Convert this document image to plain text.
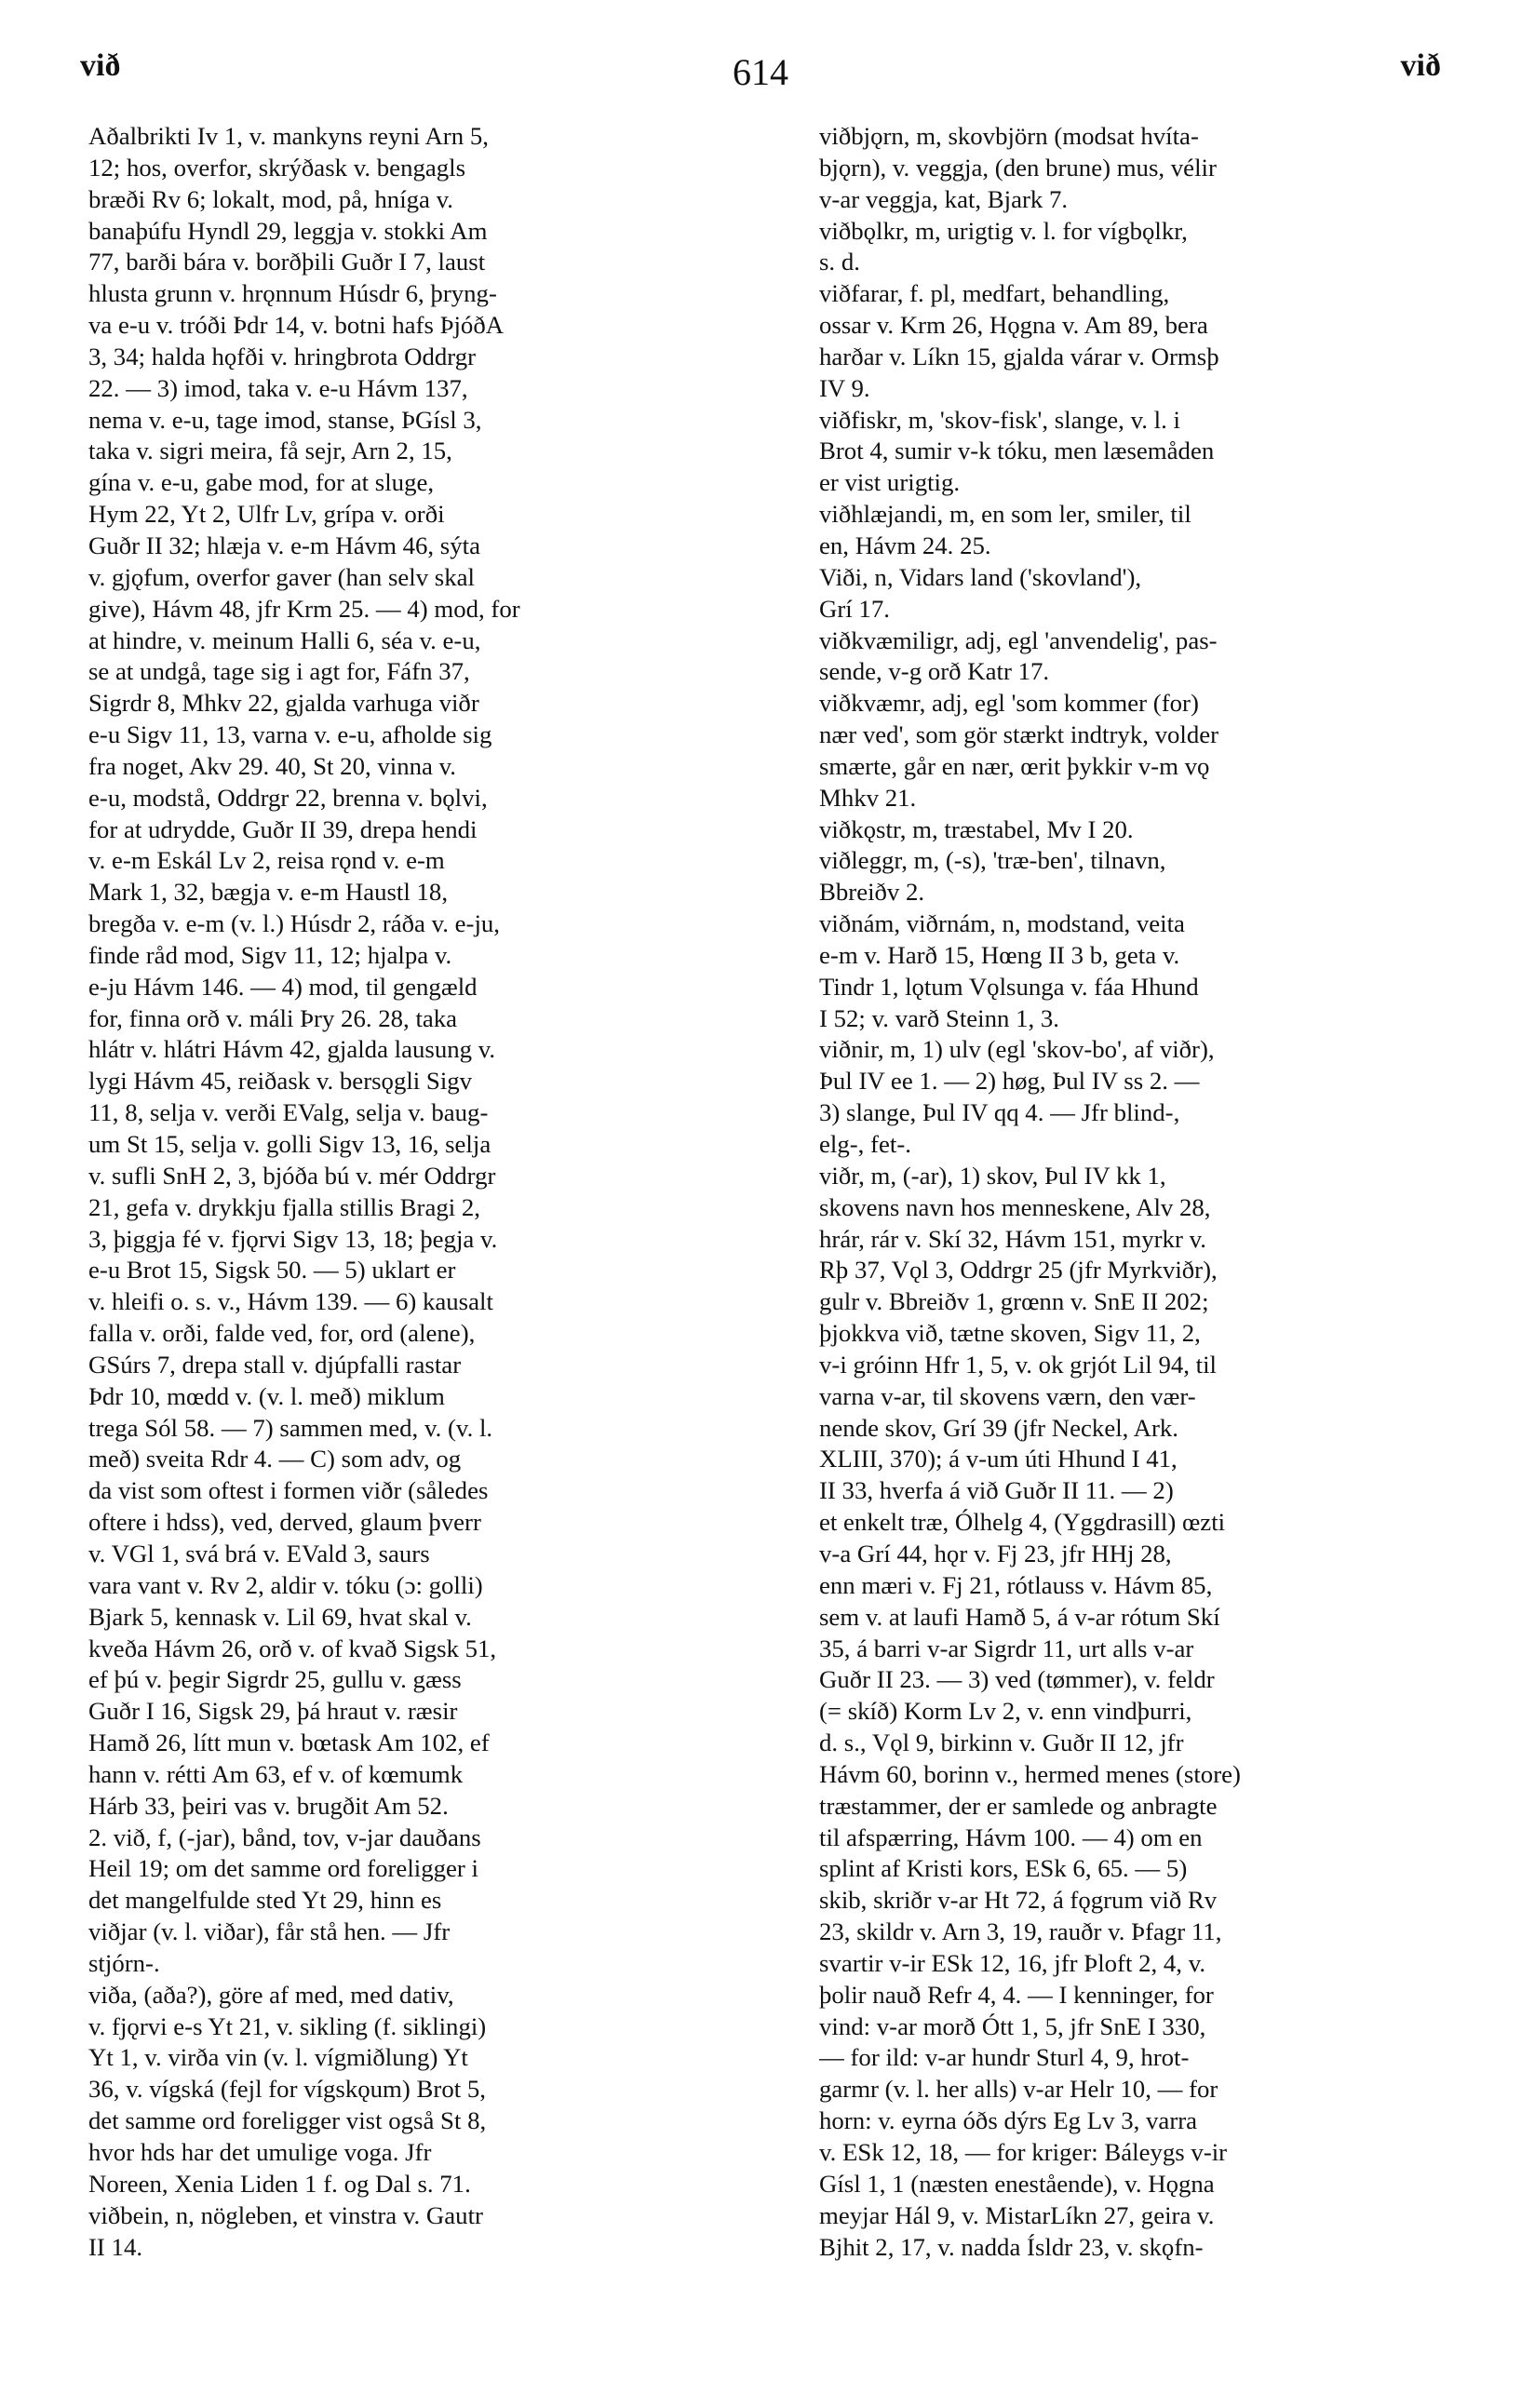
við	614	við
Aðalbrikti Iv 1, v. mankyns reyni Arn 5,
12; hos, overfor, skrýðask v. bengagls
bræði Rv 6; lokalt, mod, på, hníga v.
banaþúfu Hyndl 29, leggja v. stokki Am
77, barði bára v. borðþili Guðr I 7, laust
hlusta grunn v. hrǫnnum Húsdr 6, þryng-
va e-u v. tróði Þdr 14, v. botni hafs ÞjóðA
3, 34; halda hǫfði v. hringbrota Oddrgr
22. — 3) imod, taka v. e-u Hávm 137,
nema v. e-u, tage imod, stanse, ÞGísl 3,
taka v. sigri meira, få sejr, Arn 2, 15,
gína v. e-u, gabe mod, for at sluge,
Hym 22, Yt 2, Ulfr Lv, grípa v. orði
Guðr II 32; hlæja v. e-m Hávm 46, sýta
v. gjǫfum, overfor gaver (han selv skal
give), Hávm 48, jfr Krm 25. — 4) mod, for
at hindre, v. meinum Halli 6, séa v. e-u,
se at undgå, tage sig i agt for, Fáfn 37,
Sigrdr 8, Mhkv 22, gjalda varhuga viðr
e-u Sigv 11, 13, varna v. e-u, afholde sig
fra noget, Akv 29. 40, St 20, vinna v.
e-u, modstå, Oddrgr 22, brenna v. bǫlvi,
for at udrydde, Guðr II 39, drepa hendi
v. e-m Eskál Lv 2, reisa rǫnd v. e-m
Mark 1, 32, bægja v. e-m Haustl 18,
bregða v. e-m (v. l.) Húsdr 2, ráða v. e-ju,
finde råd mod, Sigv 11, 12; hjalpa v.
e-ju Hávm 146. — 4) mod, til gengæld
for, finna orð v. máli Þry 26. 28, taka
hlátr v. hlátri Hávm 42, gjalda lausung v.
lygi Hávm 45, reiðask v. bersǫgli Sigv
11, 8, selja v. verði EValg, selja v. baug-
um St 15, selja v. golli Sigv 13, 16, selja
v. sufli SnH 2, 3, bjóða bú v. mér Oddrgr
21, gefa v. drykkju fjalla stillis Bragi 2,
3, þiggja fé v. fjǫrvi Sigv 13, 18; þegja v.
e-u Brot 15, Sigsk 50. — 5) uklart er
v. hleifi o. s. v., Hávm 139. — 6) kausalt
falla v. orði, falde ved, for, ord (alene),
GSúrs 7, drepa stall v. djúpfalli rastar
Þdr 10, mœdd v. (v. l. með) miklum
trega Sól 58. — 7) sammen med, v. (v. l.
með) sveita Rdr 4. — C) som adv, og
da vist som oftest i formen viðr (således
oftere i hdss), ved, derved, glaum þverr
v. VGl 1, svá brá v. EVald 3, saurs
vara vant v. Rv 2, aldir v. tóku (ɔ: golli)
Bjark 5, kennask v. Lil 69, hvat skal v.
kveða Hávm 26, orð v. of kvað Sigsk 51,
ef þú v. þegir Sigrdr 25, gullu v. gæss
Guðr I 16, Sigsk 29, þá hraut v. ræsir
Hamð 26, lítt mun v. bœtask Am 102, ef
hann v. rétti Am 63, ef v. of kœmumk
Hárb 33, þeiri vas v. brugðit Am 52.
2. við, f, (-jar), bånd, tov, v-jar dauðans
Heil 19; om det samme ord foreligger i
det mangelfulde sted Yt 29, hinn es
viðjar (v. l. viðar), får stå hen. — Jfr
stjórn-.
viða, (aða?), göre af med, med dativ,
v. fjǫrvi e-s Yt 21, v. sikling (f. siklingi)
Yt 1, v. virða vin (v. l. vígmiðlung) Yt
36, v. vígská (fejl for vígskǫum) Brot 5,
det samme ord foreligger vist også St 8,
hvor hds har det umulige voga. Jfr
Noreen, Xenia Liden 1 f. og Dal s. 71.
viðbein, n, nögleben, et vinstra v. Gautr
II 14.
viðbjǫrn, m, skovbjörn (modsat hvíta-
bjǫrn), v. veggja, (den brune) mus, vélir
v-ar veggja, kat, Bjark 7.
viðbǫlkr, m, urigtig v. l. for vígbǫlkr,
s. d.
viðfarar, f. pl, medfart, behandling,
ossar v. Krm 26, Hǫgna v. Am 89, bera
harðar v. Líkn 15, gjalda várar v. Ormsþ
IV 9.
viðfiskr, m, 'skov-fisk', slange, v. l. i
Brot 4, sumir v-k tóku, men læsemåden
er vist urigtig.
viðhlæjandi, m, en som ler, smiler, til
en, Hávm 24. 25.
Viði, n, Vidars land ('skovland'),
Grí 17.
viðkvæmiligr, adj, egl 'anvendelig', pas-
sende, v-g orð Katr 17.
viðkvæmr, adj, egl 'som kommer (for)
nær ved', som gör stærkt indtryk, volder
smærte, går en nær, œrit þykkir v-m vǫ
Mhkv 21.
viðkǫstr, m, træstabel, Mv I 20.
viðleggr, m, (-s), 'træ-ben', tilnavn,
Bbreiðv 2.
viðnám, viðrnám, n, modstand, veita
e-m v. Harð 15, Hœng II 3 b, geta v.
Tindr 1, lǫtum Vǫlsunga v. fáa Hhund
I 52; v. varð Steinn 1, 3.
viðnir, m, 1) ulv (egl 'skov-bo', af viðr),
Þul IV ee 1. — 2) høg, Þul IV ss 2. —
3) slange, Þul IV qq 4. — Jfr blind-,
elg-, fet-.
viðr, m, (-ar), 1) skov, Þul IV kk 1,
skovens navn hos menneskene, Alv 28,
hrár, rár v. Skí 32, Hávm 151, myrkr v.
Rþ 37, Vǫl 3, Oddrgr 25 (jfr Myrkviðr),
gulr v. Bbreiðv 1, grœnn v. SnE II 202;
þjokkva við, tætne skoven, Sigv 11, 2,
v-i gróinn Hfr 1, 5, v. ok grjót Lil 94, til
varna v-ar, til skovens værn, den vær-
nende skov, Grí 39 (jfr Neckel, Ark.
XLIII, 370); á v-um úti Hhund I 41,
II 33, hverfa á við Guðr II 11. — 2)
et enkelt træ, Ólhelg 4, (Yggdrasill) œzti
v-a Grí 44, hǫr v. Fj 23, jfr HHj 28,
enn mæri v. Fj 21, rótlauss v. Hávm 85,
sem v. at laufi Hamð 5, á v-ar rótum Skí
35, á barri v-ar Sigrdr 11, urt alls v-ar
Guðr II 23. — 3) ved (tømmer), v. feldr
(= skíð) Korm Lv 2, v. enn vindþurri,
d. s., Vǫl 9, birkinn v. Guðr II 12, jfr
Hávm 60, borinn v., hermed menes (store)
træstammer, der er samlede og anbragte
til afspærring, Hávm 100. — 4) om en
splint af Kristi kors, ESk 6, 65. — 5)
skib, skriðr v-ar Ht 72, á fǫgrum við Rv
23, skildr v. Arn 3, 19, rauðr v. Þfagr 11,
svartir v-ir ESk 12, 16, jfr Þloft 2, 4, v.
þolir nauð Refr 4, 4. — I kenninger, for
vind: v-ar morð Ótt 1, 5, jfr SnE I 330,
— for ild: v-ar hundr Sturl 4, 9, hrot-
garmr (v. l. her alls) v-ar Helr 10, — for
horn: v. eyrna óðs dýrs Eg Lv 3, varra
v. ESk 12, 18, — for kriger: Báleygs v-ir
Gísl 1, 1 (næsten enestående), v. Hǫgna
meyjar Hál 9, v. MistarLíkn 27, geira v.
Bjhit 2, 17, v. nadda Ísldr 23, v. skǫfn-
